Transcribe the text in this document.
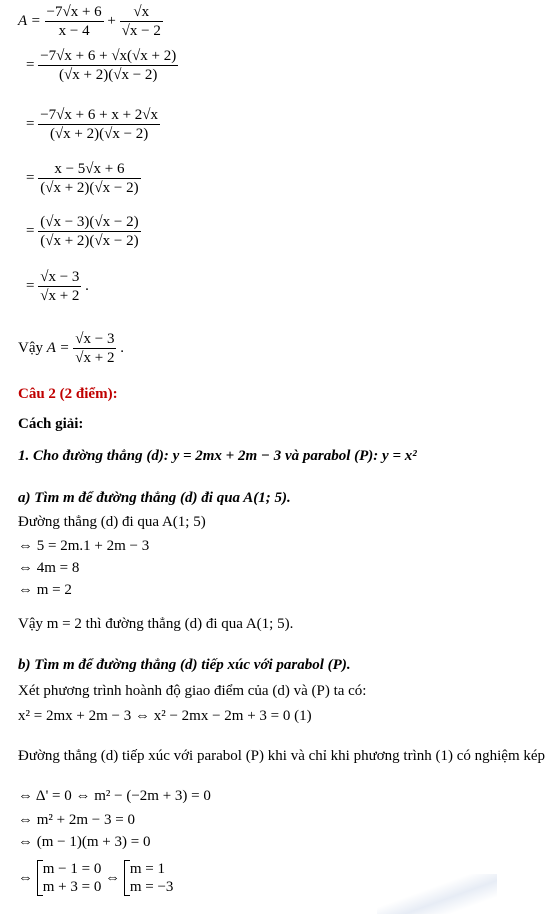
$A = \frac{-7√x + 6}{x - 4} + \frac{√x}{√x - 2}$
= $\frac{-7√x + 6 + √x(√x + 2)}{(√x + 2)(√x - 2)}$
= $\frac{-7√x + 6 + x + 2√x}{(√x + 2)(√x - 2)}$
= $\frac{x - 5√x + 6}{(√x + 2)(√x - 2)}$
= $\frac{(√x - 3)(√x - 2)}{(√x + 2)(√x - 2)}$
= $\frac{√x - 3}{√x + 2}$ .
Vậy $A = \frac{√x - 3}{√x + 2}$ .
Câu 2 (2 điểm):
Cách giải:
1. Cho đường thẳng (d): y = 2mx + 2m − 3 và parabol (P): y = x²
a) Tìm m để đường thẳng (d) đi qua A(1; 5).
Đường thẳng (d) đi qua A(1; 5)
⇔ 5 = 2m.1 + 2m − 3
⇔ 4m = 8
⇔ m = 2
Vậy m = 2 thì đường thẳng (d) đi qua A(1; 5).
b) Tìm m để đường thẳng (d) tiếp xúc với parabol (P).
Xét phương trình hoành độ giao điểm của (d) và (P) ta có:
x² = 2mx + 2m − 3 ⇔ x² − 2mx − 2m + 3 = 0 (1)
Đường thẳng (d) tiếp xúc với parabol (P) khi và chỉ khi phương trình (1) có nghiệm kép
⇔ Δ' = 0 ⇔ m² − (−2m + 3) = 0
⇔ m² + 2m − 3 = 0
⇔ (m − 1)(m + 3) = 0
⇔
m − 1 = 0
m + 3 = 0
⇔
m = 1
m = −3
